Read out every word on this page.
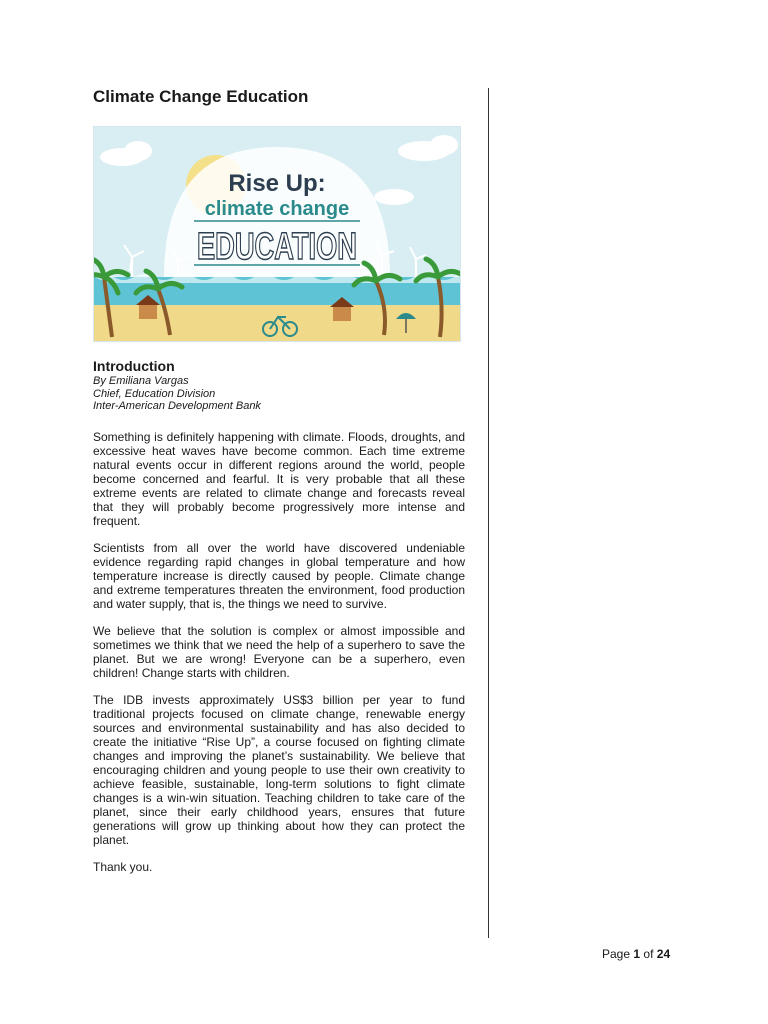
Climate Change Education
Rise Up:
climate change
EDUCATION
Introduction
By Emiliana Vargas
Chief, Education Division
Inter-American Development Bank

Something is definitely happening with climate. Floods, droughts, and excessive heat waves have become common. Each time extreme natural events occur in different regions around the world, people become concerned and fearful. It is very probable that all these extreme events are related to climate change and forecasts reveal that they will probably become progressively more intense and frequent.

Scientists from all over the world have discovered undeniable evidence regarding rapid changes in global temperature and how temperature increase is directly caused by people. Climate change and extreme temperatures threaten the environment, food production and water supply, that is, the things we need to survive.

We believe that the solution is complex or almost impossible and sometimes we think that we need the help of a superhero to save the planet. But we are wrong! Everyone can be a superhero, even children! Change starts with children.

The IDB invests approximately US$3 billion per year to fund traditional projects focused on climate change, renewable energy sources and environmental sustainability and has also decided to create the initiative “Rise Up”, a course focused on fighting climate changes and improving the planet’s sustainability. We believe that encouraging children and young people to use their own creativity to achieve feasible, sustainable, long-term solutions to fight climate changes is a win-win situation. Teaching children to take care of the planet, since their early childhood years, ensures that future generations will grow up thinking about how they can protect the planet.

Thank you.

Page 1 of 24
